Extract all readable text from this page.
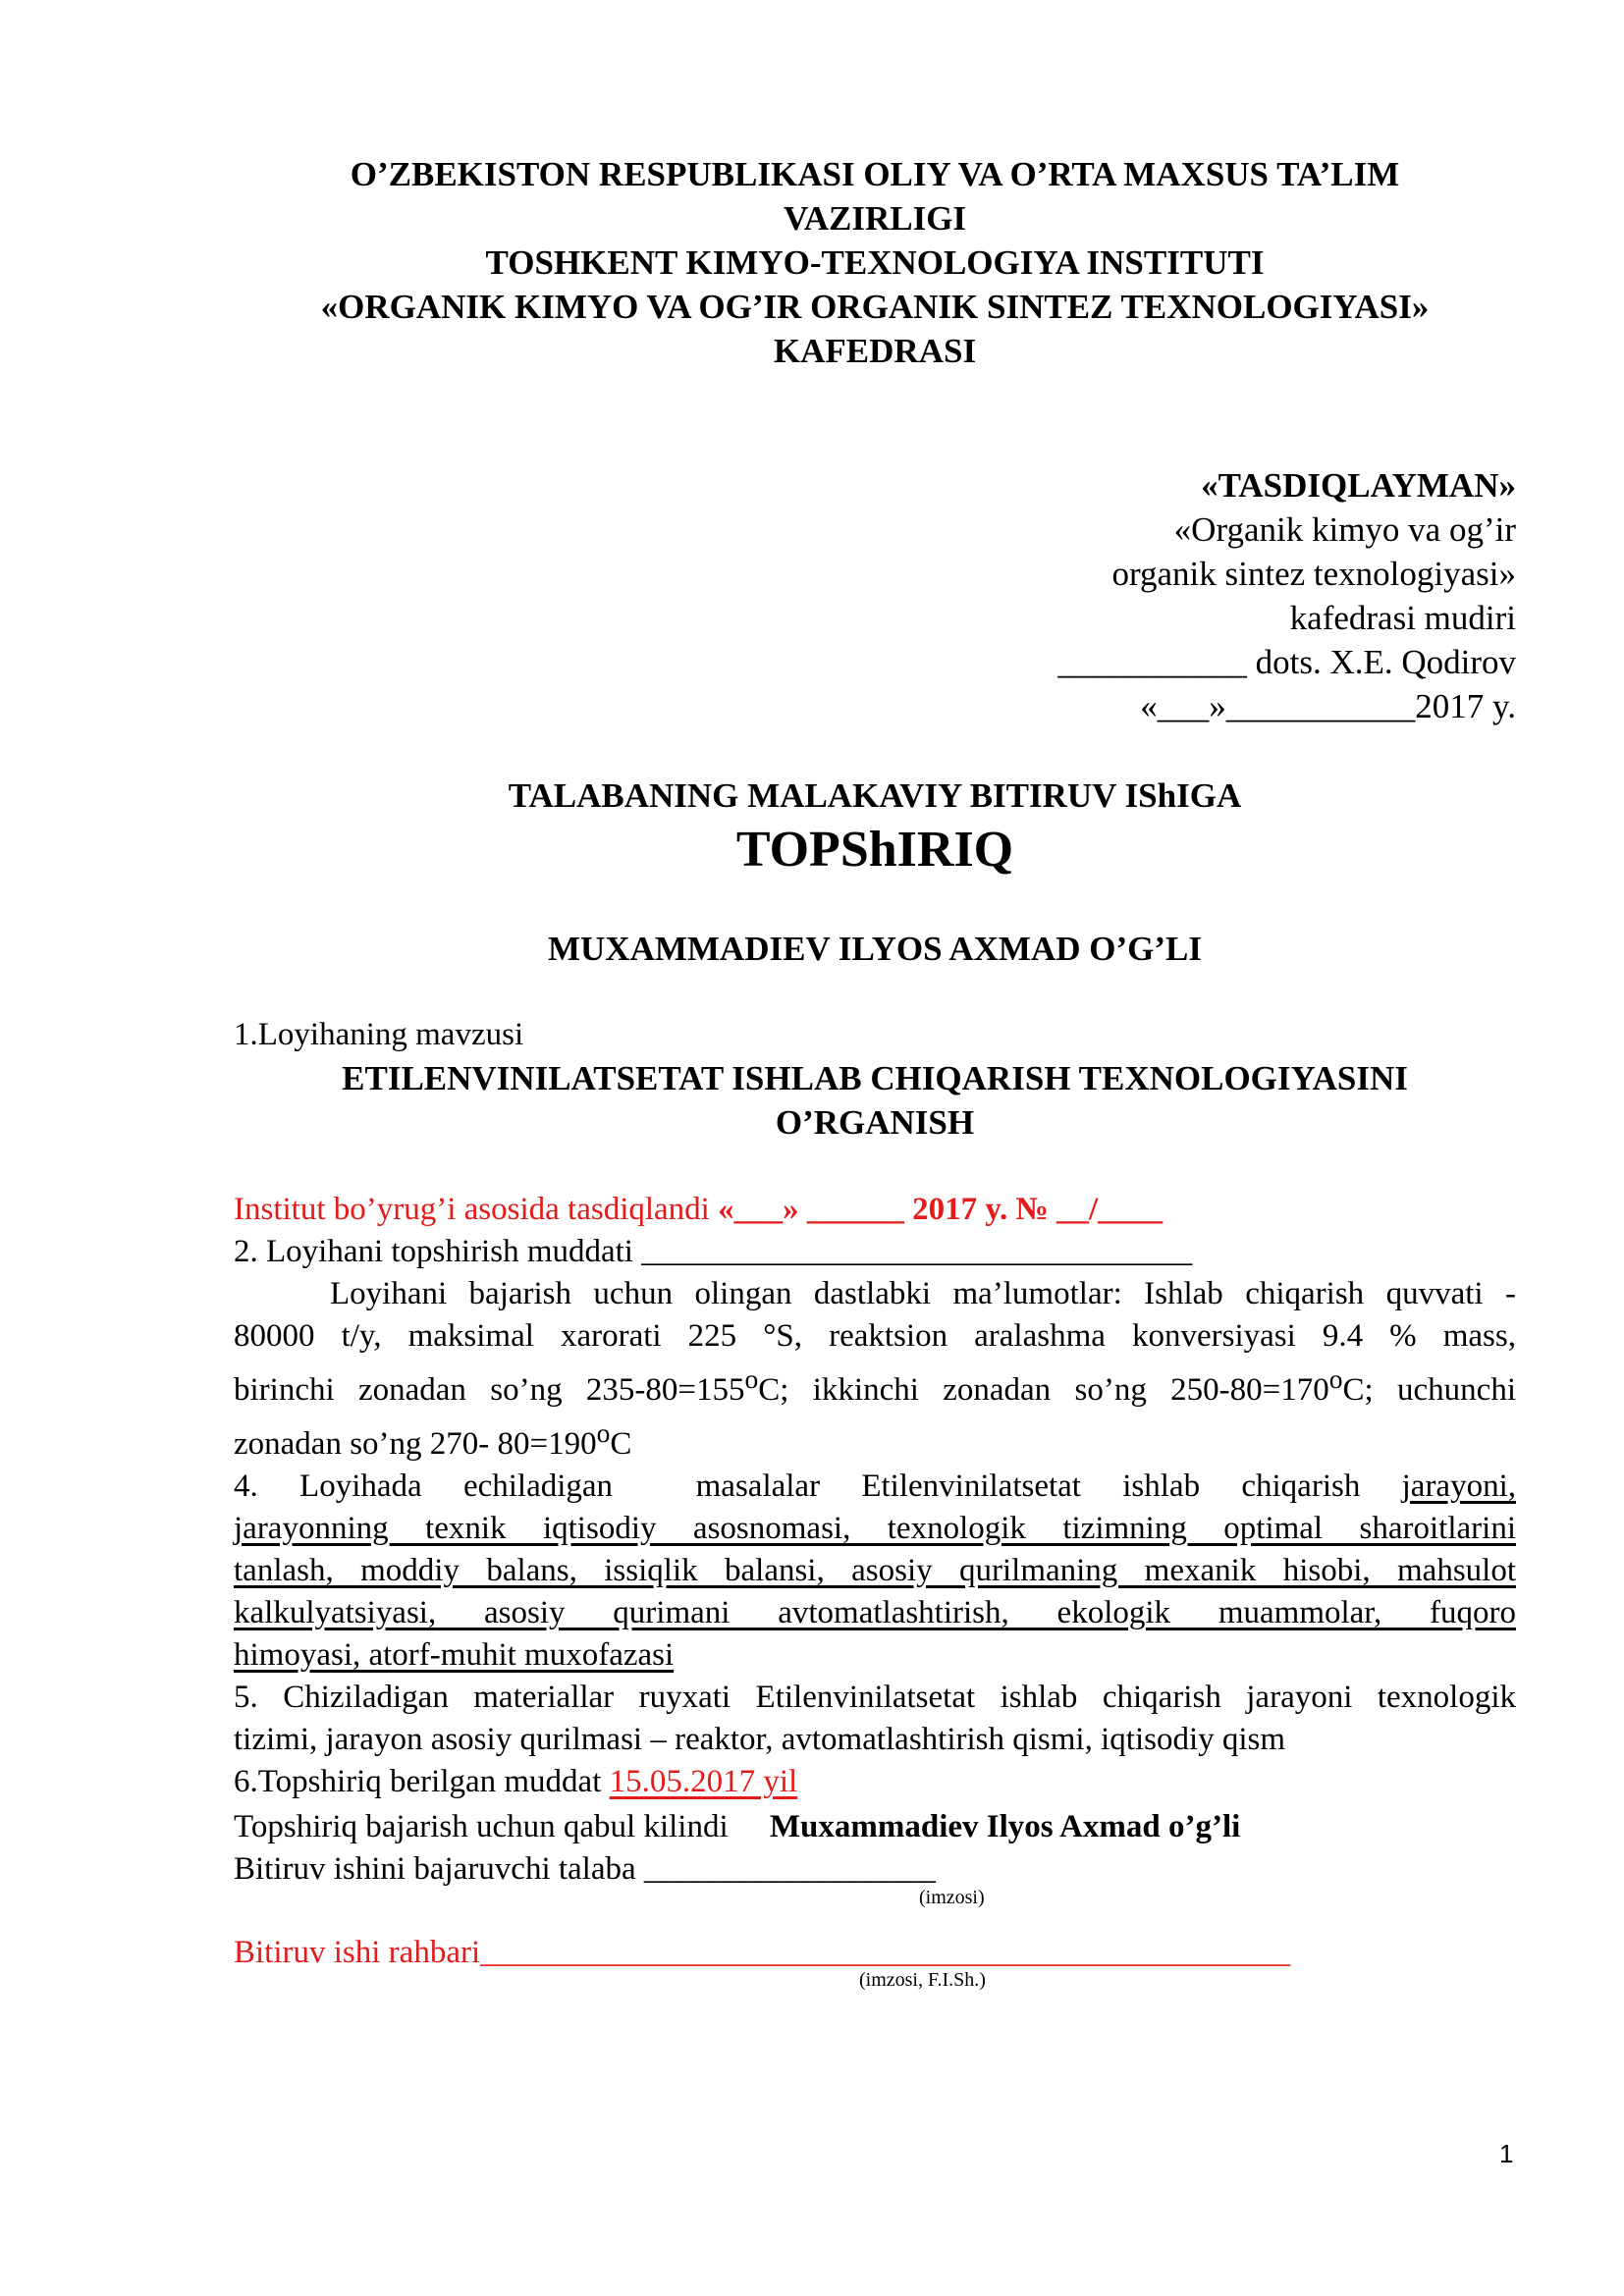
O’ZBEKISTON RESPUBLIKASI OLIY VA O’RTA MAXSUS TA’LIM
VAZIRLIGI
TOSHKENT KIMYO-TEXNOLOGIYA INSTITUTI
«ORGANIK KIMYO VA OG’IR ORGANIK SINTEZ TEXNOLOGIYASI»
KAFEDRASI
«TASDIQLAYMAN»
«Organik kimyo va og’ir
organik sintez texnologiyasi»
kafedrasi mudiri
___________ dots. X.E. Qodirov
«___»___________2017 y.
TALABANING MALAKAVIY BITIRUV IShIGA
TOPShIRIQ
MUXAMMADIEV ILYOS AXMAD O’G’LI
1.Loyihaning mavzusi
ETILENVINILATSETAT ISHLAB CHIQARISH TEXNOLOGIYASINI
O’RGANISH
Institut bo’yrug’i asosida tasdiqlandi «___» ______ 2017 y. № __/____
2. Loyihani topshirish muddati __________________________________
Loyihani bajarish uchun olingan dastlabki ma’lumotlar: Ishlab chiqarish quvvati -
80000 t/y, maksimal xarorati 225 °S, reaktsion aralashma konversiyasi 9.4 % mass,
birinchi zonadan so’ng $235-80=155^oC$; ikkinchi zonadan so’ng $250-80=170^oC$; uchunchi
zonadan so’ng 270- $80=190^oC$
4. Loyihada echiladigan  masalalar Etilenvinilatsetat ishlab chiqarish jarayoni,
jarayonning texnik iqtisodiy asosnomasi, texnologik tizimning optimal sharoitlarini
tanlash, moddiy balans, issiqlik balansi, asosiy qurilmaning mexanik hisobi, mahsulot
kalkulyatsiyasi, asosiy qurimani avtomatlashtirish, ekologik muammolar, fuqoro
himoyasi, atorf-muhit muxofazasi
5. Chiziladigan materiallar ruyxati Etilenvinilatsetat ishlab chiqarish jarayoni texnologik
tizimi, jarayon asosiy qurilmasi – reaktor, avtomatlashtirish qismi, iqtisodiy qism
6.Topshiriq berilgan muddat 15.05.2017 yil
Topshiriq bajarish uchun qabul kilindi Muxammadiev Ilyos Axmad o’g’li
Bitiruv ishini bajaruvchi talaba __________________
(imzosi)
Bitiruv ishi rahbari__________________________________________________
(imzosi, F.I.Sh.)
1
